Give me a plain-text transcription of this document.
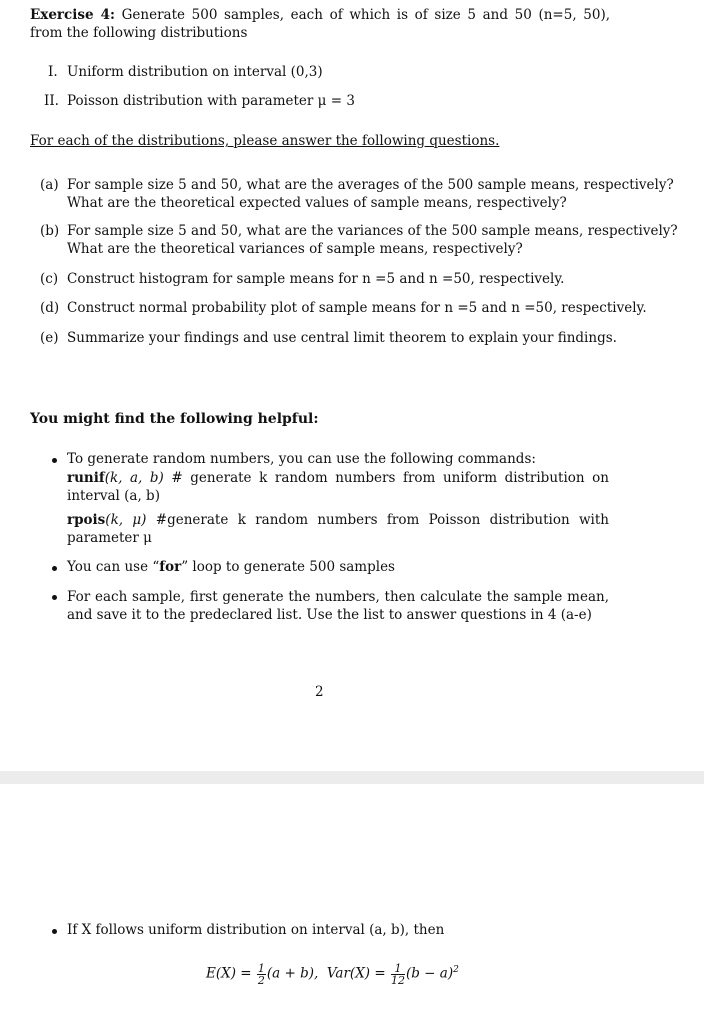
Exercise 4: Generate 500 samples, each of which is of size 5 and 50 (n=5, 50), from the following distributions
I. Uniform distribution on interval (0,3)
II. Poisson distribution with parameter μ = 3
For each of the distributions, please answer the following questions.
(a) For sample size 5 and 50, what are the averages of the 500 sample means, respectively?
What are the theoretical expected values of sample means, respectively?
(b) For sample size 5 and 50, what are the variances of the 500 sample means, respectively?
What are the theoretical variances of sample means, respectively?
(c) Construct histogram for sample means for n =5 and n =50, respectively.
(d) Construct normal probability plot of sample means for n =5 and n =50, respectively.
(e) Summarize your findings and use central limit theorem to explain your findings.
You might find the following helpful:
To generate random numbers, you can use the following commands:
runif(k, a, b) # generate k random numbers from uniform distribution on interval (a, b)
rpois(k, μ) #generate k random numbers from Poisson distribution with parameter μ
You can use “for” loop to generate 500 samples
For each sample, first generate the numbers, then calculate the sample mean, and save it to the predeclared list. Use the list to answer questions in 4 (a-e)
2
If X follows uniform distribution on interval (a, b), then
$E(X) = \frac{1}{2} (a + b)$, $Var(X) = \frac{1}{12} (b - a)^2$
